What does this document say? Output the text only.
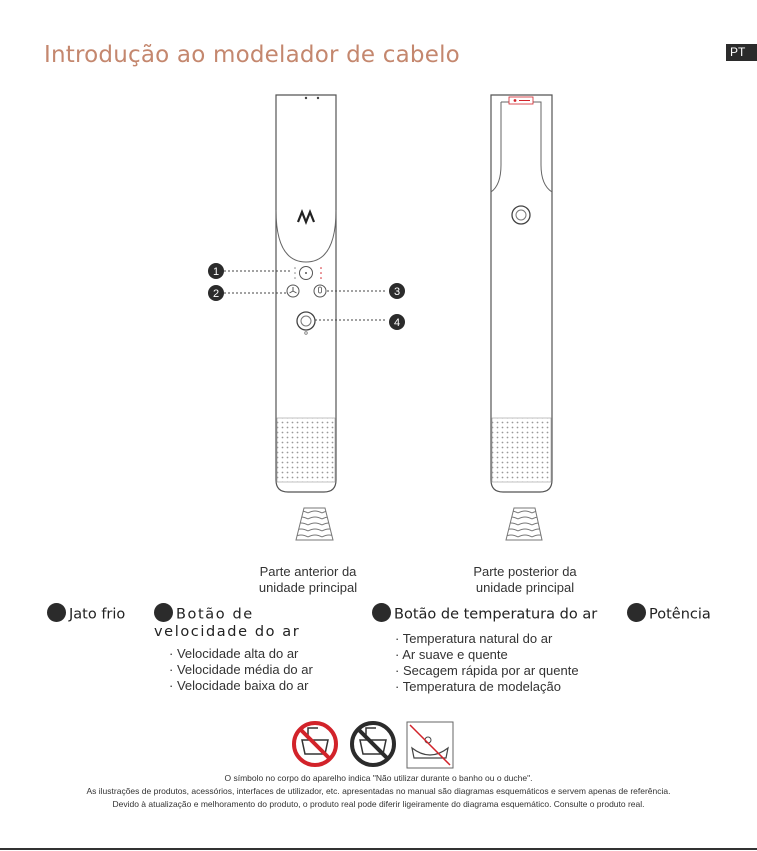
Introdução ao modelador de cabelo	PT
1
2	3
4
Parte anterior da
unidade principal
Parte posterior da
unidade principal
Jato frio	Botão de velocidade do ar
· Velocidade alta do ar
· Velocidade média do ar
· Velocidade baixa do ar
Botão de temperatura do ar
· Temperatura natural do ar
· Ar suave e quente
· Secagem rápida por ar quente
· Temperatura de modelação
Potência
O símbolo no corpo do aparelho indica "Não utilizar durante o banho ou o duche".
As ilustrações de produtos, acessórios, interfaces de utilizador, etc. apresentadas no manual são diagramas esquemáticos e servem apenas de referência.
Devido à atualização e melhoramento do produto, o produto real pode diferir ligeiramente do diagrama esquemático. Consulte o produto real.
